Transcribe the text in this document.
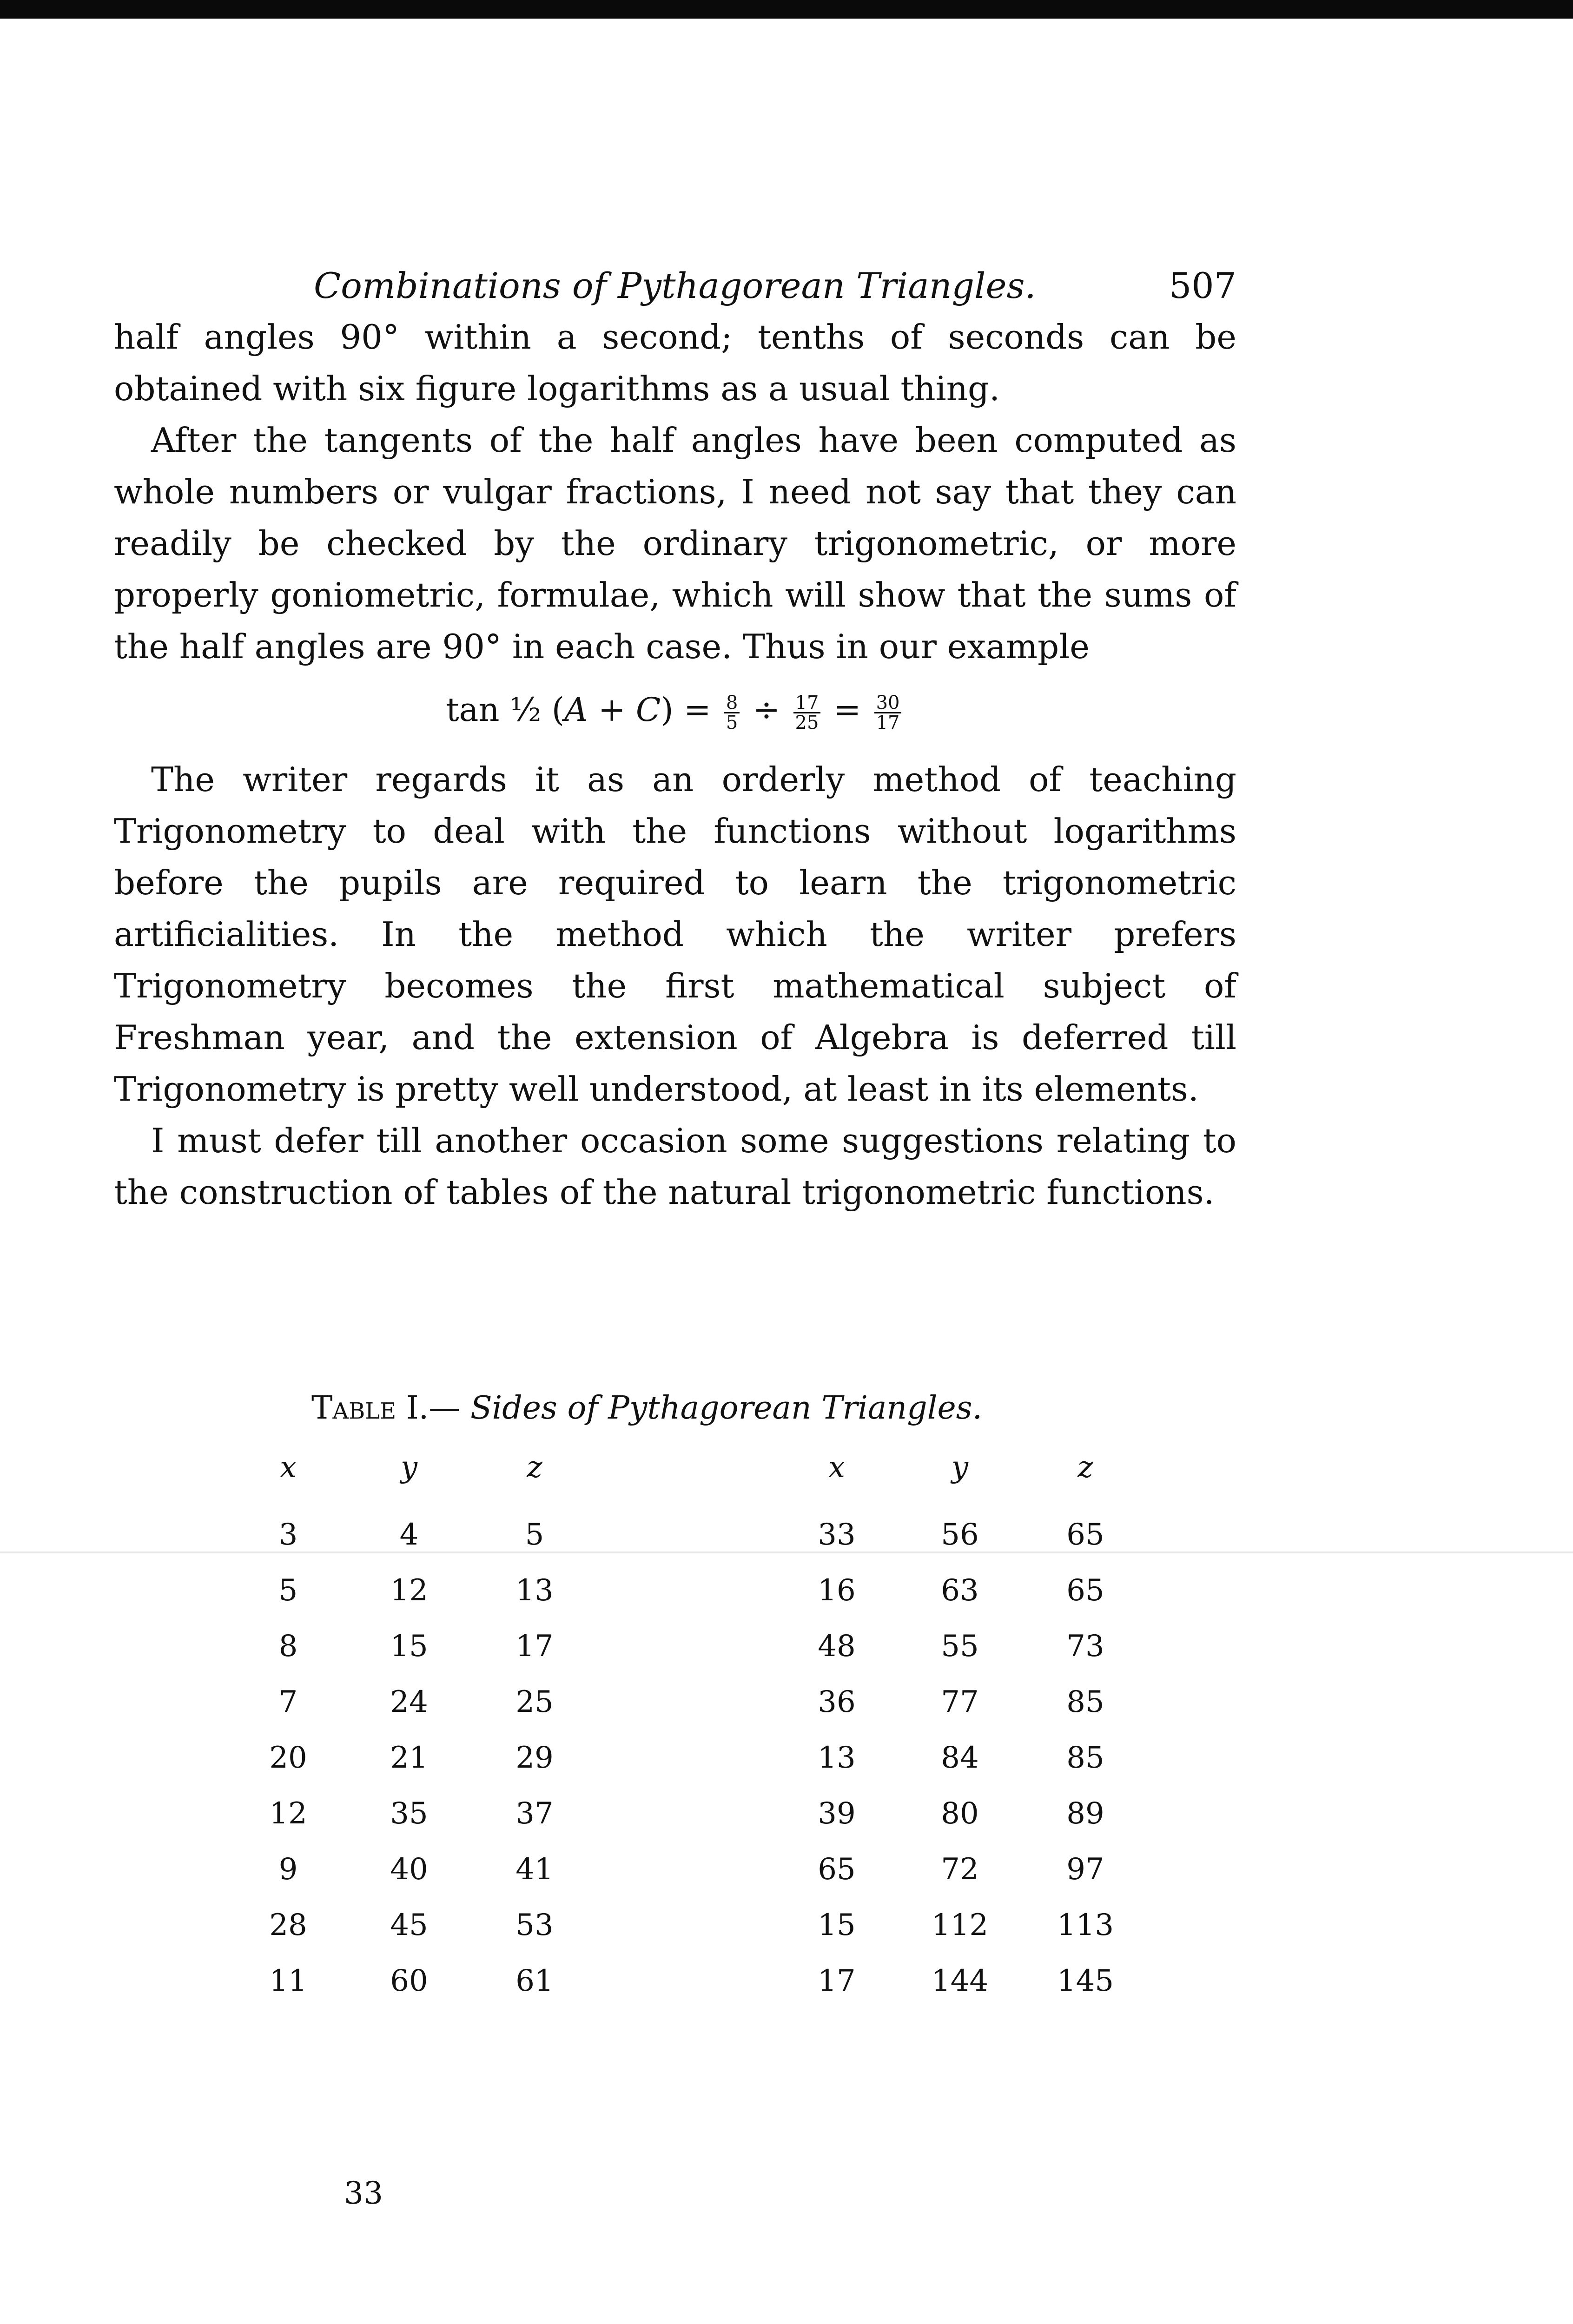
Combinations of Pythagorean Triangles.	507

half angles 90° within a second; tenths of seconds can be obtained with six figure logarithms as a usual thing.

After the tangents of the half angles have been computed as whole numbers or vulgar fractions, I need not say that they can readily be checked by the ordinary trigonometric, or more properly goniometric, formulae, which will show that the sums of the half angles are 90° in each case. Thus in our example

tan ½ $(A + C) = \frac{8}{5} \div \frac{17}{25} = \frac{30}{17}$

The writer regards it as an orderly method of teaching Trigonometry to deal with the functions without logarithms before the pupils are required to learn the trigonometric artificialities. In the method which the writer prefers Trigonometry becomes the first mathematical subject of Freshman year, and the extension of Algebra is deferred till Trigonometry is pretty well understood, at least in its elements.

I must defer till another occasion some suggestions relating to the construction of tables of the natural trigonometric functions.

Table I.— Sides of Pythagorean Triangles.
x	y	z	x	y	z
3	4	5	33	56	65
5	12	13	16	63	65
8	15	17	48	55	73
7	24	25	36	77	85
20	21	29	13	84	85
12	35	37	39	80	89
9	40	41	65	72	97
28	45	53	15	112	113
11	60	61	17	144	145
33
